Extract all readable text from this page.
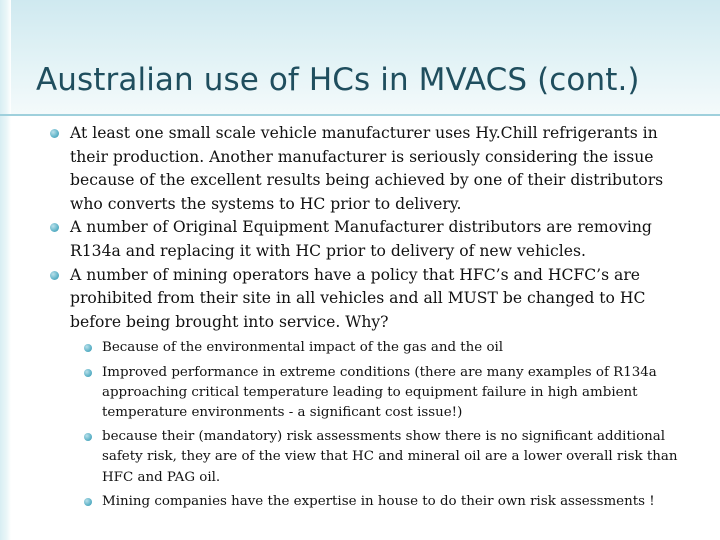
Australian use of HCs in MVACS (cont.)
At least one small scale vehicle manufacturer uses Hy.Chill refrigerants in their production. Another manufacturer is seriously considering the issue because of the excellent results being achieved by one of their distributors who converts the systems to HC prior to delivery.
A number of Original Equipment Manufacturer distributors are removing R134a and replacing it with HC prior to delivery of new vehicles.
A number of mining operators have a policy that HFC’s and HCFC’s are prohibited from their site in all vehicles and all MUST be changed to HC before being brought into service. Why?
Because of the environmental impact of the gas and the oil
Improved performance in extreme conditions (there are many examples of R134a approaching critical temperature leading to equipment failure in high ambient temperature environments - a significant cost issue!)
because their (mandatory) risk assessments show there is no significant additional safety risk, they are of the view that HC and mineral oil are a lower overall risk than HFC and PAG oil.
Mining companies have the expertise in house to do their own risk assessments !
